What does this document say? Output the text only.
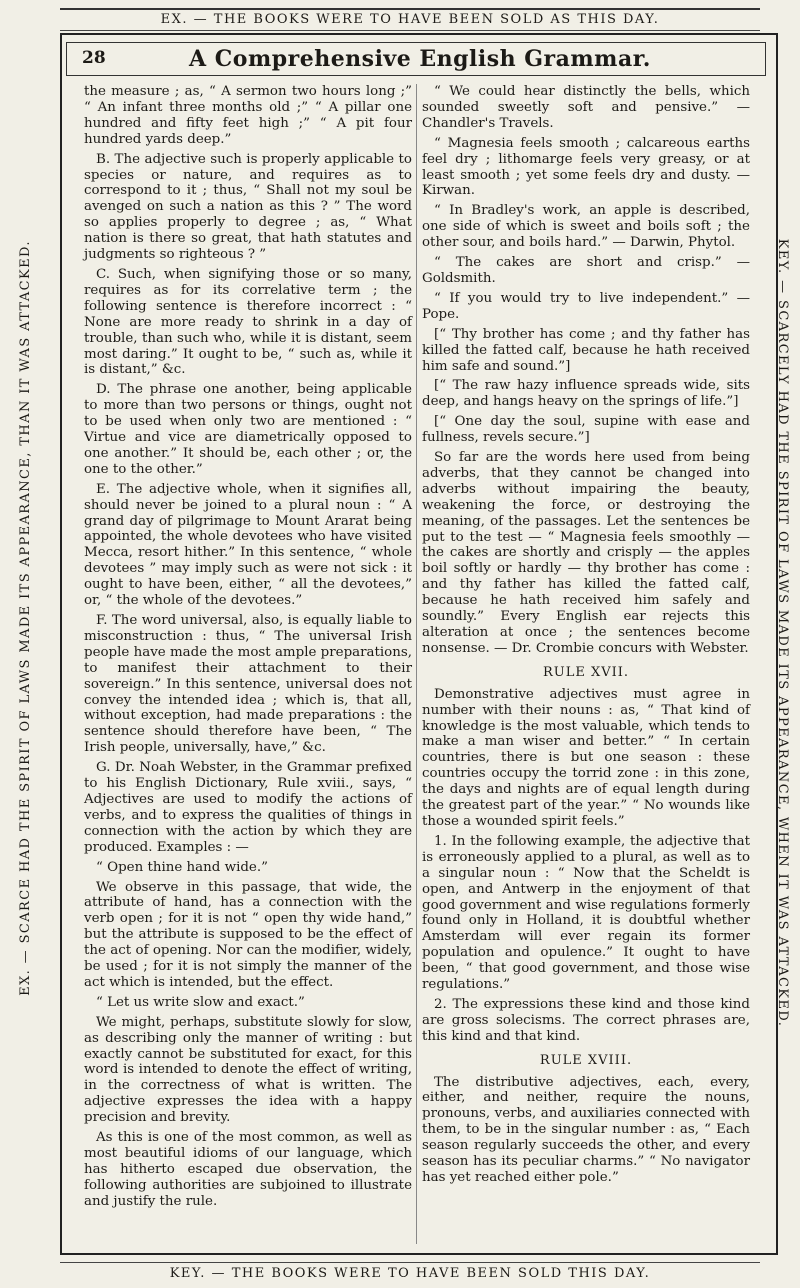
EX. — THE BOOKS WERE TO HAVE BEEN SOLD AS THIS DAY.
EX. — SCARCE HAD THE SPIRIT OF LAWS MADE ITS APPEARANCE, THAN IT WAS ATTACKED.	KEY. — SCARCELY HAD THE SPIRIT OF LAWS MADE ITS APPEARANCE, WHEN IT WAS ATTACKED.
28	A Comprehensive English Grammar.

the measure ; as, “ A sermon two hours long ;” “ An infant three months old ;” “ A pillar one hundred and fifty feet high ;” “ A pit four hundred yards deep.”

B. The adjective such is properly applicable to species or nature, and requires as to correspond to it ; thus, “ Shall not my soul be avenged on such a nation as this ? ” The word so applies properly to degree ; as, “ What nation is there so great, that hath statutes and judgments so righteous ? ”

C. Such, when signifying those or so many, requires as for its correlative term ; the following sentence is therefore incorrect : “ None are more ready to shrink in a day of trouble, than such who, while it is distant, seem most daring.” It ought to be, “ such as, while it is distant,” &c.

D. The phrase one another, being applicable to more than two persons or things, ought not to be used when only two are mentioned : “ Virtue and vice are diametrically opposed to one another.” It should be, each other ; or, the one to the other.”

E. The adjective whole, when it signifies all, should never be joined to a plural noun : “ A grand day of pilgrimage to Mount Ararat being appointed, the whole devotees who have visited Mecca, resort hither.” In this sentence, “ whole devotees ” may imply such as were not sick : it ought to have been, either, “ all the devotees,” or, “ the whole of the devotees.”

F. The word universal, also, is equally liable to misconstruction : thus, “ The universal Irish people have made the most ample preparations, to manifest their attachment to their sovereign.” In this sentence, universal does not convey the intended idea ; which is, that all, without exception, had made preparations : the sentence should therefore have been, “ The Irish people, universally, have,” &c.

G. Dr. Noah Webster, in the Grammar prefixed to his English Dictionary, Rule xviii., says, “ Adjectives are used to modify the actions of verbs, and to express the qualities of things in connection with the action by which they are produced. Examples : —

“ Open thine hand wide.”

We observe in this passage, that wide, the attribute of hand, has a connection with the verb open ; for it is not “ open thy wide hand,” but the attribute is supposed to be the effect of the act of opening. Nor can the modifier, widely, be used ; for it is not simply the manner of the act which is intended, but the effect.

“ Let us write slow and exact.”

We might, perhaps, substitute slowly for slow, as describing only the manner of writing : but exactly cannot be substituted for exact, for this word is intended to denote the effect of writing, in the correctness of what is written. The adjective expresses the idea with a happy precision and brevity.

As this is one of the most common, as well as most beautiful idioms of our language, which has hitherto escaped due observation, the following authorities are subjoined to illustrate and justify the rule.

“ We could hear distinctly the bells, which sounded sweetly soft and pensive.” — Chandler's Travels.

“ Magnesia feels smooth ; calcareous earths feel dry ; lithomarge feels very greasy, or at least smooth ; yet some feels dry and dusty. — Kirwan.

“ In Bradley's work, an apple is described, one side of which is sweet and boils soft ; the other sour, and boils hard.” — Darwin, Phytol.

“ The cakes are short and crisp.” — Goldsmith.

“ If you would try to live independent.” — Pope.

[“ Thy brother has come ; and thy father has killed the fatted calf, because he hath received him safe and sound.”]

[“ The raw hazy influence spreads wide, sits deep, and hangs heavy on the springs of life.”]

[“ One day the soul, supine with ease and fullness, revels secure.”]

So far are the words here used from being adverbs, that they cannot be changed into adverbs without impairing the beauty, weakening the force, or destroying the meaning, of the passages. Let the sentences be put to the test — “ Magnesia feels smoothly — the cakes are shortly and crisply — the apples boil softly or hardly — thy brother has come : and thy father has killed the fatted calf, because he hath received him safely and soundly.” Every English ear rejects this alteration at once ; the sentences become nonsense. — Dr. Crombie concurs with Webster.

RULE XVII.

Demonstrative adjectives must agree in number with their nouns : as, “ That kind of knowledge is the most valuable, which tends to make a man wiser and better.” “ In certain countries, there is but one season : these countries occupy the torrid zone : in this zone, the days and nights are of equal length during the greatest part of the year.” “ No wounds like those a wounded spirit feels.”

1. In the following example, the adjective that is erroneously applied to a plural, as well as to a singular noun : “ Now that the Scheldt is open, and Antwerp in the enjoyment of that good government and wise regulations formerly found only in Holland, it is doubtful whether Amsterdam will ever regain its former population and opulence.” It ought to have been, “ that good government, and those wise regulations.”

2. The expressions these kind and those kind are gross solecisms. The correct phrases are, this kind and that kind.

RULE XVIII.

The distributive adjectives, each, every, either, and neither, require the nouns, pronouns, verbs, and auxiliaries connected with them, to be in the singular number : as, “ Each season regularly succeeds the other, and every season has its peculiar charms.” “ No navigator has yet reached either pole.”

KEY. — THE BOOKS WERE TO HAVE BEEN SOLD THIS DAY.
